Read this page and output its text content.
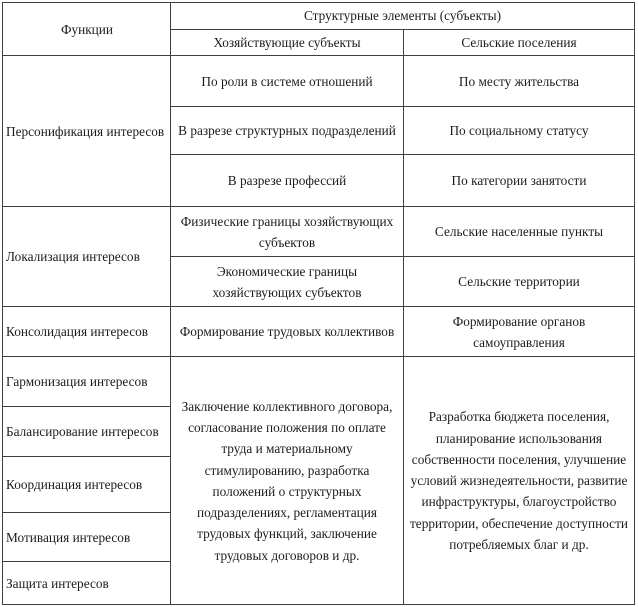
Функции	Структурные элементы (субъекты)	
	Хозяйствующие субъекты	Сельские поселения
Персонификация интересов	По роли в системе отношений	По месту жительства
	В разрезе структурных подразделений	По социальному статусу
	В разрезе профессий	По категории занятости
Локализация интересов	Физические границы хозяйствующих субъектов	Сельские населенные пункты
	Экономические границы хозяйствующих субъектов	Сельские территории
Консолидация интересов	Формирование трудовых коллективов	Формирование органов самоуправления
Гармонизация интересов	Заключение коллективного договора, согласование положения по оплате труда и материальному стимулированию, разработка положений о структурных подразделениях, регламентация трудовых функций, заключение трудовых договоров и др.	Разработка бюджета поселения, планирование использования собственности поселения, улучшение условий жизнедеятельности, развитие инфраструктуры, благоустройство территории, обеспечение доступности потребляемых благ и др.
Балансирование интересов		
Координация интересов		
Мотивация интересов		
Защита интересов		
